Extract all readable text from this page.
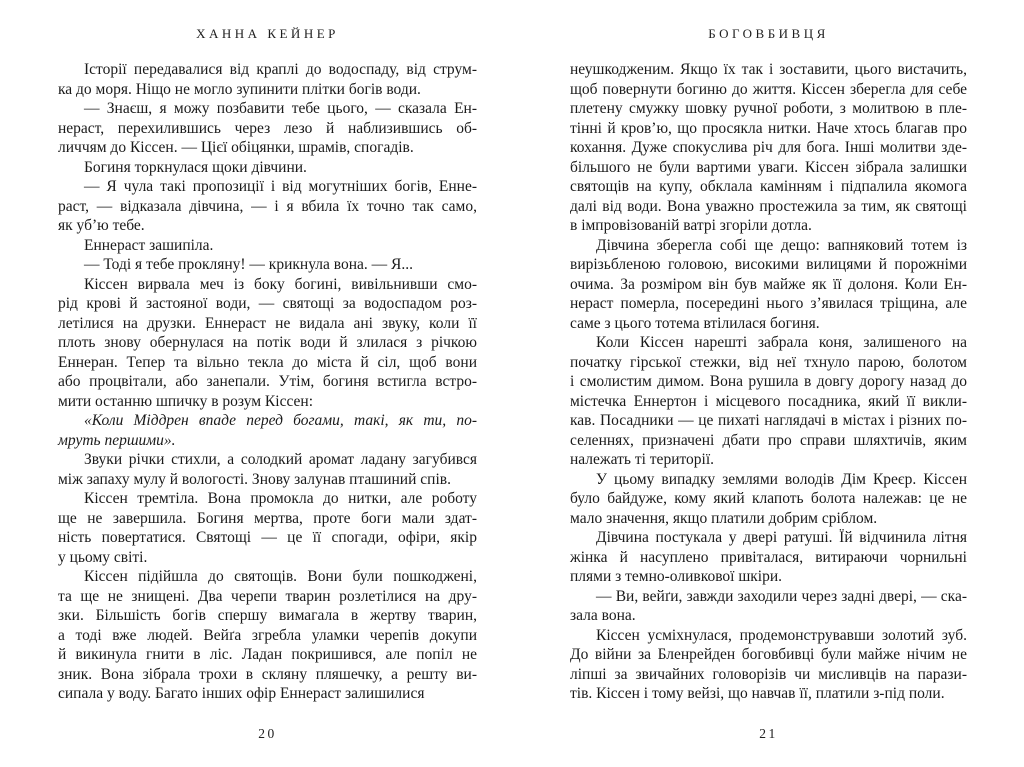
ХАННА КЕЙНЕР
Історії передавалися від краплі до водоспаду, від струм-
ка до моря. Ніщо не могло зупинити плітки богів води.
— Знаєш, я можу позбавити тебе цього, — сказала Ен-
нераст, перехилившись через лезо й наблизившись об-
личчям до Кіссен. — Цієї обіцянки, шрамів, спогадів.
Богиня торкнулася щоки дівчини.
— Я чула такі пропозиції і від могутніших богів, Енне-
раст, — відказала дівчина, — і я вбила їх точно так само,
як уб’ю тебе.
Еннераст зашипіла.
— Тоді я тебе прокляну! — крикнула вона. — Я...
Кіссен вирвала меч із боку богині, вивільнивши смо-
рід крові й застояної води, — святощі за водоспадом роз-
летілися на друзки. Еннераст не видала ані звуку, коли її
плоть знову обернулася на потік води й злилася з річкою
Еннеран. Тепер та вільно текла до міста й сіл, щоб вони
або процвітали, або занепали. Утім, богиня встигла встро-
мити останню шпичку в розум Кіссен:
«Коли Міддрен впаде перед богами, такі, як ти, по-
мруть першими».
Звуки річки стихли, а солодкий аромат ладану загубився
між запаху мулу й вологості. Знову залунав пташиний спів.
Кіссен тремтіла. Вона промокла до нитки, але роботу
ще не завершила. Богиня мертва, проте боги мали здат-
ність повертатися. Святощі — це її спогади, офіри, якір
у цьому світі.
Кіссен підійшла до святощів. Вони були пошкоджені,
та ще не знищені. Два черепи тварин розлетілися на дру-
зки. Більшість богів спершу вимагала в жертву тварин,
а тоді вже людей. Вейґа згребла уламки черепів докупи
й викинула гнити в ліс. Ладан покришився, але попіл не
зник. Вона зібрала трохи в скляну пляшечку, а решту ви-
сипала у воду. Багато інших офір Еннераст залишилися
20
БОГОВБИВЦЯ
неушкодженим. Якщо їх так і зоставити, цього вистачить,
щоб повернути богиню до життя. Кіссен зберегла для себе
плетену смужку шовку ручної роботи, з молитвою в пле-
тінні й кров’ю, що просякла нитки. Наче хтось благав про
кохання. Дуже спокуслива річ для бога. Інші молитви зде-
більшого не були вартими уваги. Кіссен зібрала залишки
святощів на купу, обклала камінням і підпалила якомога
далі від води. Вона уважно простежила за тим, як святощі
в імпровізованій ватрі згоріли дотла.
Дівчина зберегла собі ще дещо: вапняковий тотем із
вирізьбленою головою, високими вилицями й порожніми
очима. За розміром він був майже як її долоня. Коли Ен-
нераст померла, посередині нього з’явилася тріщина, але
саме з цього тотема втілилася богиня.
Коли Кіссен нарешті забрала коня, залишеного на
початку гірської стежки, від неї тхнуло парою, болотом
і смолистим димом. Вона рушила в довгу дорогу назад до
містечка Еннертон і місцевого посадника, який її викли-
кав. Посадники — це пихаті наглядачі в містах і різних по-
селеннях, призначені дбати про справи шляхтичів, яким
належать ті території.
У цьому випадку землями володів Дім Креєр. Кіссен
було байдуже, кому який клапоть болота належав: це не
мало значення, якщо платили добрим сріблом.
Дівчина постукала у двері ратуші. Їй відчинила літня
жінка й насуплено привіталася, витираючи чорнильні
плями з темно-оливкової шкіри.
— Ви, вейґи, завжди заходили через задні двері, — ска-
зала вона.
Кіссен усміхнулася, продемонструвавши золотий зуб.
До війни за Бленрейден боговбивці були майже нічим не
ліпші за звичайних головорізів чи мисливців на парази-
тів. Кіссен і тому вейзі, що навчав її, платили з-під поли.
21
